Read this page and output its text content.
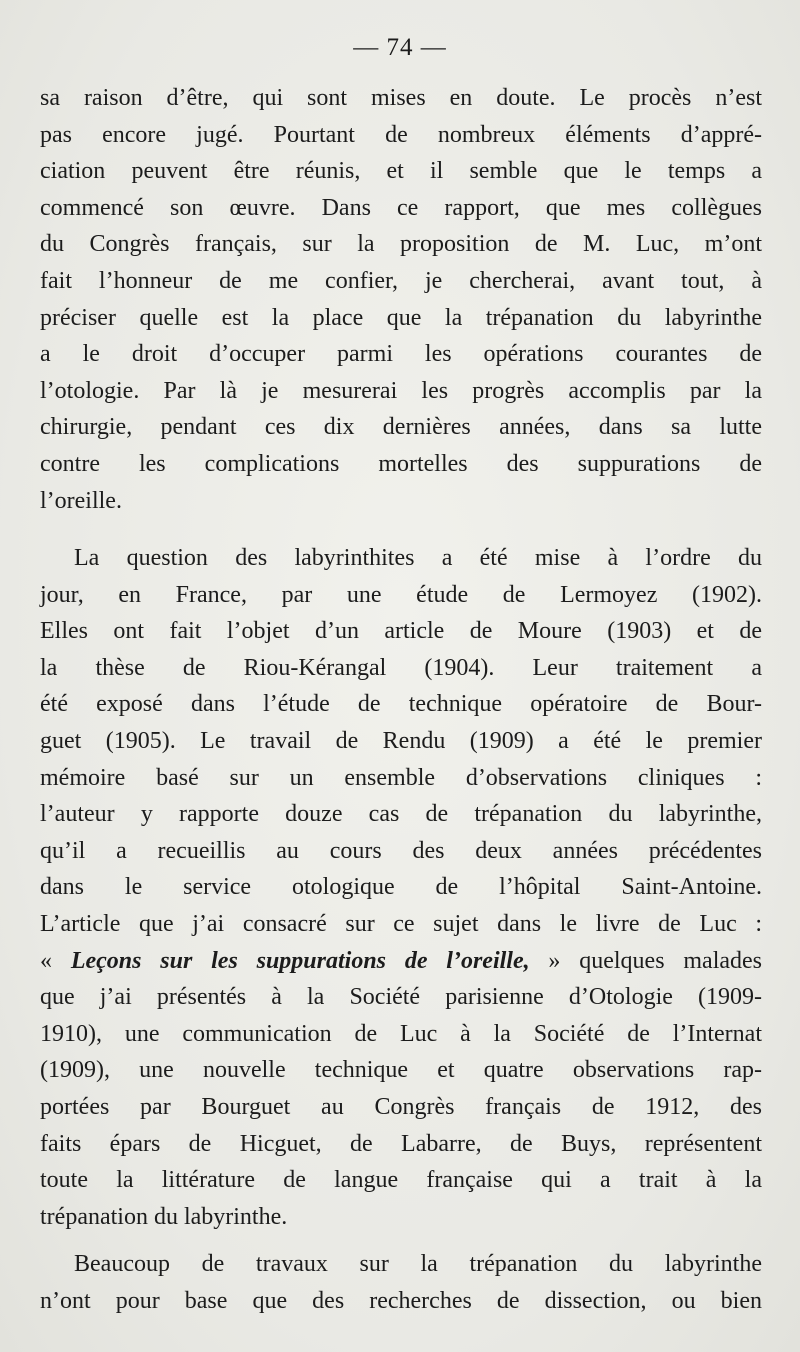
— 74 —
sa raison d’être, qui sont mises en doute. Le procès n’est
pas encore jugé. Pourtant de nombreux éléments d’appré-
ciation peuvent être réunis, et il semble que le temps a
commencé son œuvre. Dans ce rapport, que mes collègues
du Congrès français, sur la proposition de M. Luc, m’ont
fait l’honneur de me confier, je chercherai, avant tout, à
préciser quelle est la place que la trépanation du labyrinthe
a le droit d’occuper parmi les opérations courantes de
l’otologie. Par là je mesurerai les progrès accomplis par la
chirurgie, pendant ces dix dernières années, dans sa lutte
contre les complications mortelles des suppurations de
l’oreille.
La question des labyrinthites a été mise à l’ordre du
jour, en France, par une étude de Lermoyez (1902).
Elles ont fait l’objet d’un article de Moure (1903) et de
la thèse de Riou-Kérangal (1904). Leur traitement a
été exposé dans l’étude de technique opératoire de Bour-
guet (1905). Le travail de Rendu (1909) a été le premier
mémoire basé sur un ensemble d’observations cliniques :
l’auteur y rapporte douze cas de trépanation du labyrinthe,
qu’il a recueillis au cours des deux années précédentes
dans le service otologique de l’hôpital Saint-Antoine.
L’article que j’ai consacré sur ce sujet dans le livre de Luc :
« Leçons sur les suppurations de l’oreille, » quelques malades
que j’ai présentés à la Société parisienne d’Otologie (1909-
1910), une communication de Luc à la Société de l’Internat
(1909), une nouvelle technique et quatre observations rap-
portées par Bourguet au Congrès français de 1912, des
faits épars de Hicguet, de Labarre, de Buys, représentent
toute la littérature de langue française qui a trait à la
trépanation du labyrinthe.
Beaucoup de travaux sur la trépanation du labyrinthe
n’ont pour base que des recherches de dissection, ou bien
